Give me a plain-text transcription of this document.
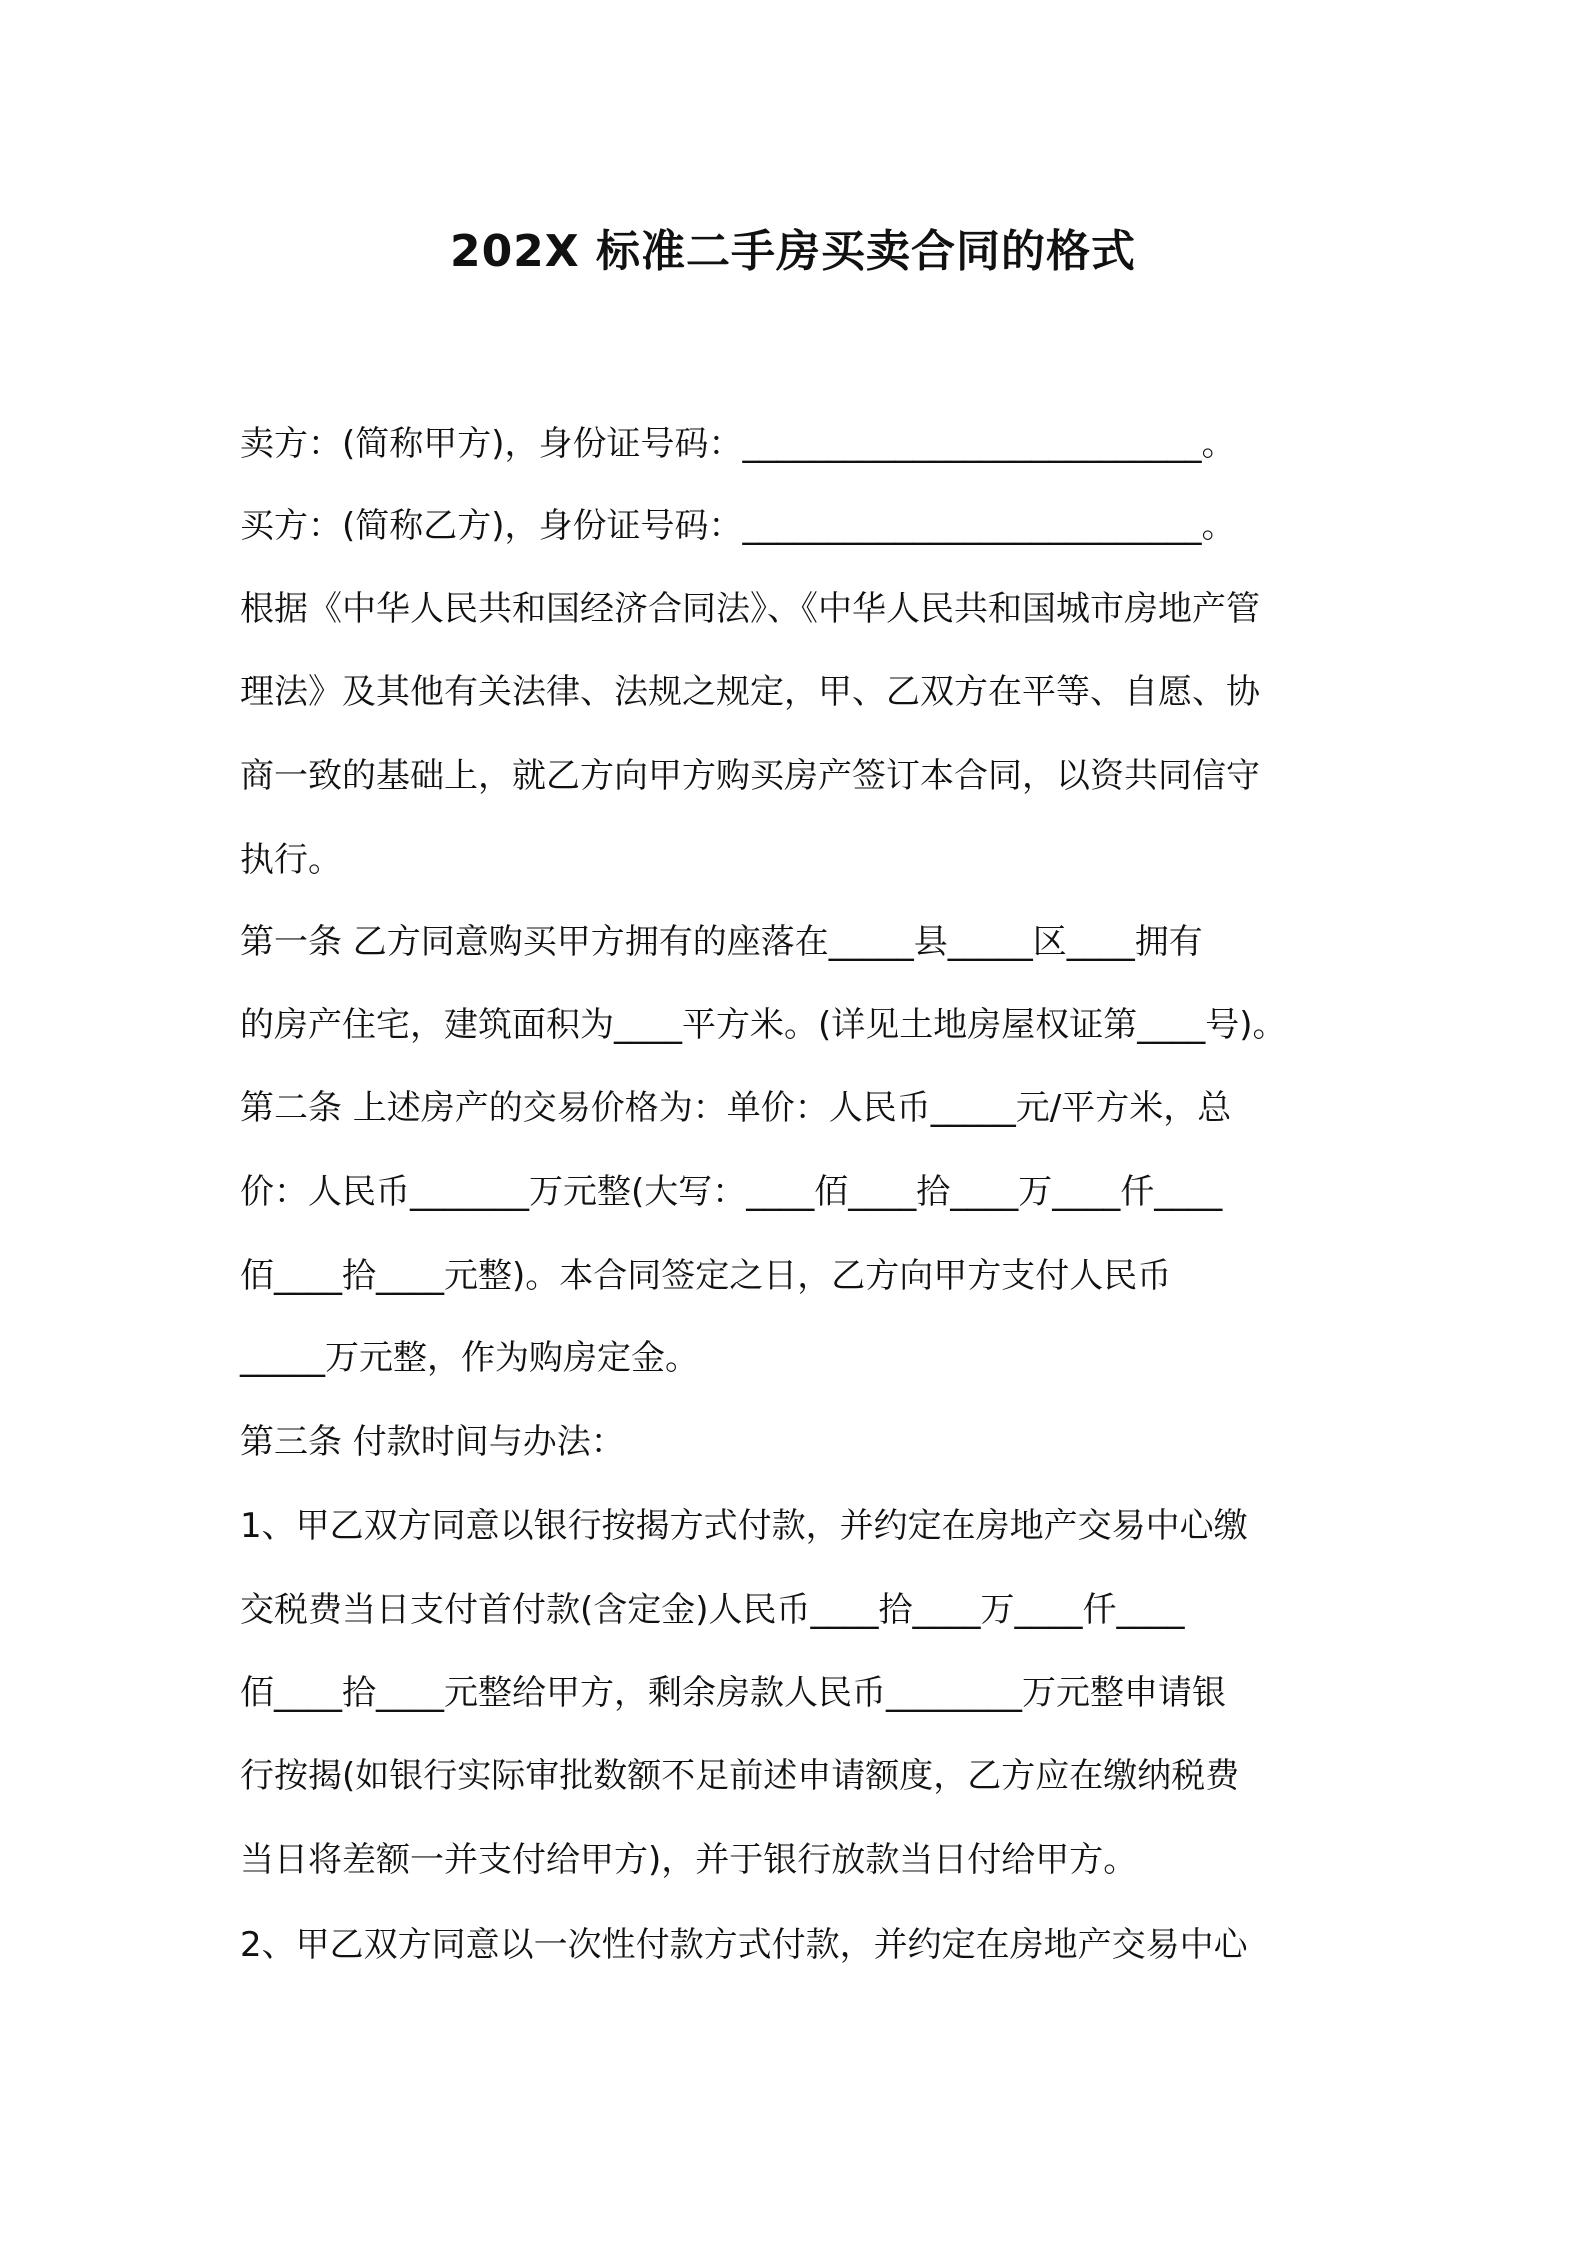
202X 标准二手房买卖合同的格式

卖方：(简称甲方)，身份证号码：___________________________。

买方：(简称乙方)，身份证号码：___________________________。

根据《中华人民共和国经济合同法》、《中华人民共和国城市房地产管

理法》及其他有关法律、法规之规定，甲、乙双方在平等、自愿、协

商一致的基础上，就乙方向甲方购买房产签订本合同，以资共同信守

执行。

第一条 乙方同意购买甲方拥有的座落在_____县_____区____拥有

的房产住宅，建筑面积为____平方米。(详见土地房屋权证第____号)。

第二条 上述房产的交易价格为：单价：人民币_____元/平方米，总

价：人民币_______万元整(大写：____佰____拾____万____仟____

佰____拾____元整)。本合同签定之日，乙方向甲方支付人民币

_____万元整，作为购房定金。

第三条 付款时间与办法：

1、甲乙双方同意以银行按揭方式付款，并约定在房地产交易中心缴

交税费当日支付首付款(含定金)人民币____拾____万____仟____

佰____拾____元整给甲方，剩余房款人民币________万元整申请银

行按揭(如银行实际审批数额不足前述申请额度，乙方应在缴纳税费

当日将差额一并支付给甲方)，并于银行放款当日付给甲方。

2、甲乙双方同意以一次性付款方式付款，并约定在房地产交易中心
